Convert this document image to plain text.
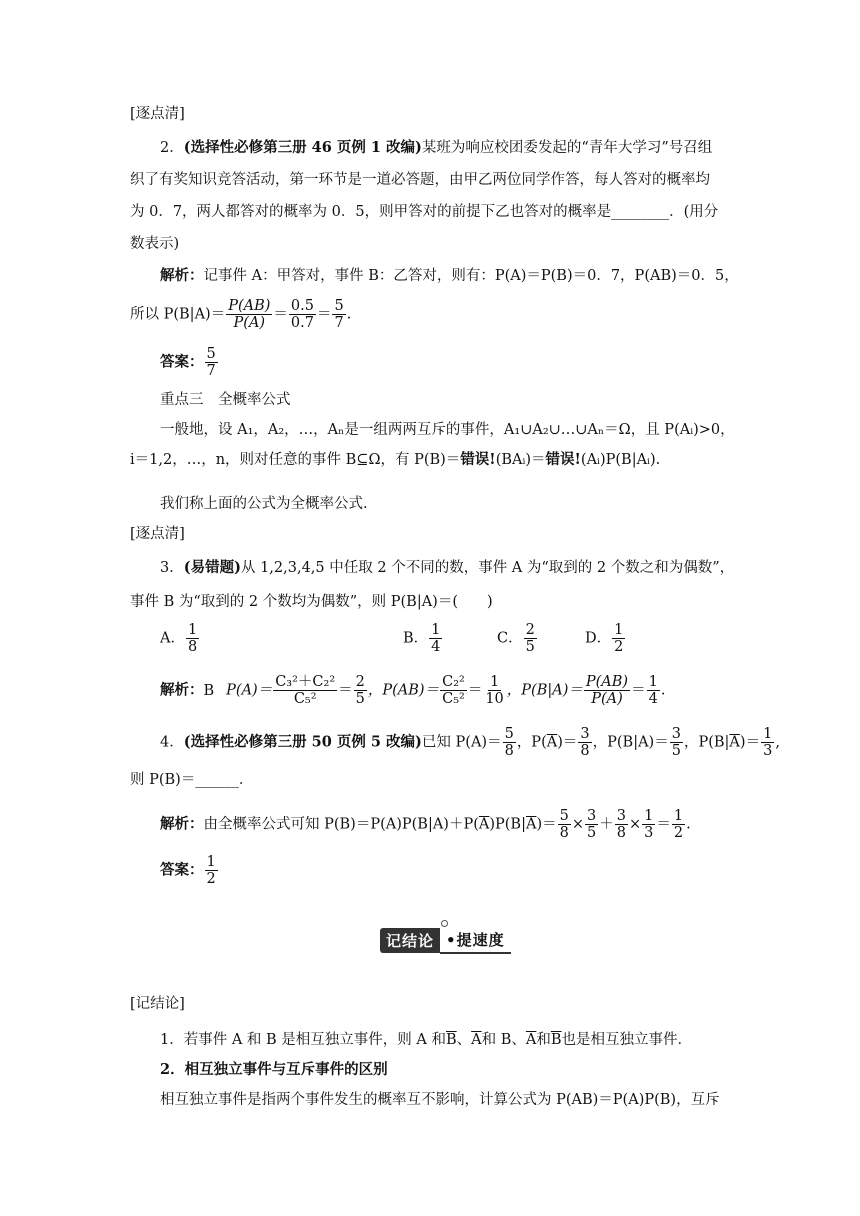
[逐点清]
2．(选择性必修第三册 46 页例 1 改编)某班为响应校团委发起的“青年大学习”号召组
织了有奖知识竞答活动，第一环节是一道必答题，由甲乙两位同学作答，每人答对的概率均
为 0．7，两人都答对的概率为 0．5，则甲答对的前提下乙也答对的概率是________．(用分
数表示)
解析：记事件 A：甲答对，事件 B：乙答对，则有：P(A)＝P(B)＝0．7，P(AB)＝0．5，
所以 $P(B|A)= \frac{P(AB)}{P(A)} = \frac{0.5}{0.7} = \frac{5}{7}$ .
答案： $\frac{5}{7}$
重点三　全概率公式
一般地，设 A₁，A₂，…，Aₙ是一组两两互斥的事件，A₁∪A₂∪…∪Aₙ＝Ω，且 P(Aᵢ)>0，
i＝1,2，…，n，则对任意的事件 B⊆Ω，有 P(B)＝错误!(BAᵢ)＝错误!(Aᵢ)P(B|Aᵢ).
我们称上面的公式为全概率公式.
[逐点清]
3．(易错题)从 1,2,3,4,5 中任取 2 个不同的数，事件 A 为“取到的 2 个数之和为偶数”，
事件 B 为“取到的 2 个数均为偶数”，则 P(B|A)＝(　　)
A． $\frac{1}{8}$	B． $\frac{1}{4}$	C． $\frac{2}{5}$	D． $\frac{1}{2}$
解析：B $P(A)= \frac{\text{C₃²＋C₂²}}{\text{C₅²}} = \frac{2}{5}$ ，$P(AB)= \frac{\text{C₂²}}{\text{C₅²}} = \frac{1}{10}$ ，$P(B|A)= \frac{P(AB)}{P(A)} = \frac{1}{4}$ .
4．(选择性必修第三册 50 页例 5 改编)已知 $P(A)= \frac{5}{8}$ ，$P(\overline{A})= \frac{3}{8}$ ，$P(B|A)= \frac{3}{5}$ ，$P(B|\overline{A})= \frac{1}{3}$ ,
则 P(B)＝______．
解析：由全概率公式可知 $P(B)=P(A)P(B|A)+P(\overline{A})P(B|\overline{A})= \frac{5}{8} \times \frac{3}{5} + \frac{3}{8} \times \frac{1}{3} = \frac{1}{2}$ .
答案： $\frac{1}{2}$
记结论 •提速度
[记结论]
1．若事件 A 和 B 是相互独立事件，则 A 和$\overline{B}$、$\overline{A}$和 B、$\overline{A}$和$\overline{B}$也是相互独立事件．
2．相互独立事件与互斥事件的区别
相互独立事件是指两个事件发生的概率互不影响，计算公式为 P(AB)＝P(A)P(B)，互斥
